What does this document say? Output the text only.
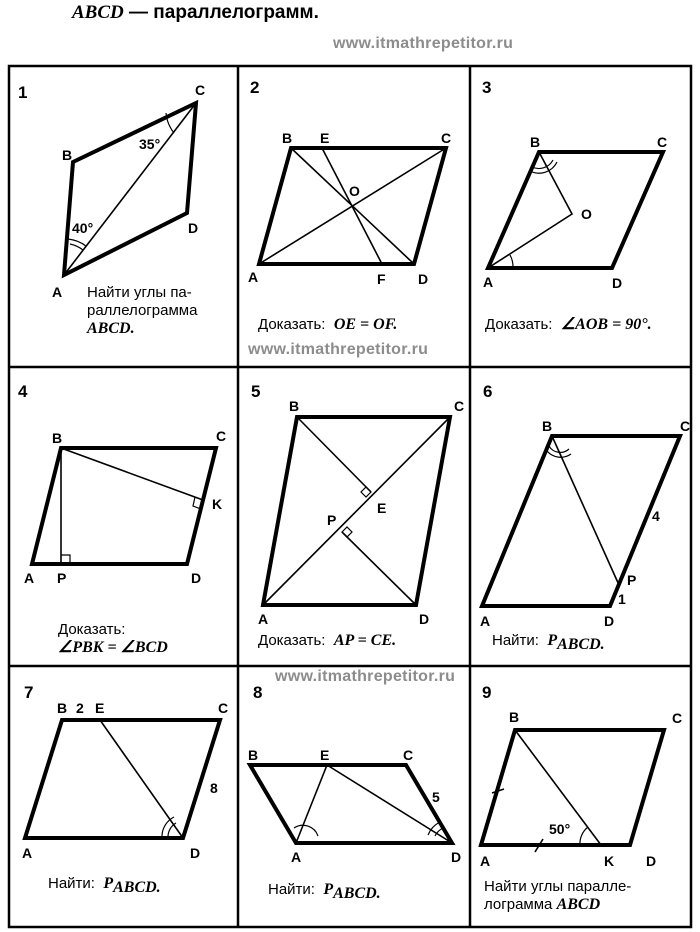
ABCD — параллелограмм.
www.itmathrepetitor.ru
1
A
B
C
D
35°
40°
2
B E	C
O
A	F D
3
B	C
O
A	D
4
B	C
K
A P	D
5
B	C
E
P
A	D
6
B	C
P
A	D
4
1
7
B E	C
A	D
2
8
8
B	E	C
A	D
5
9
B	C
A	K D
50°
www.itmathrepetitor.ru
www.itmathrepetitor.ru
Найти углы па-
раллелограмма
ABCD.	Доказать: OE = OF.	Доказать: ∠AOB = 90°.
Доказать:
∠PBK = ∠BCD	Доказать: AP = CE.	Найти: $P_{ABCD.}$
Найти: $P_{ABCD.}$	Найти: $P_{ABCD.}$	Найти углы паралле-
лограмма ABCD
